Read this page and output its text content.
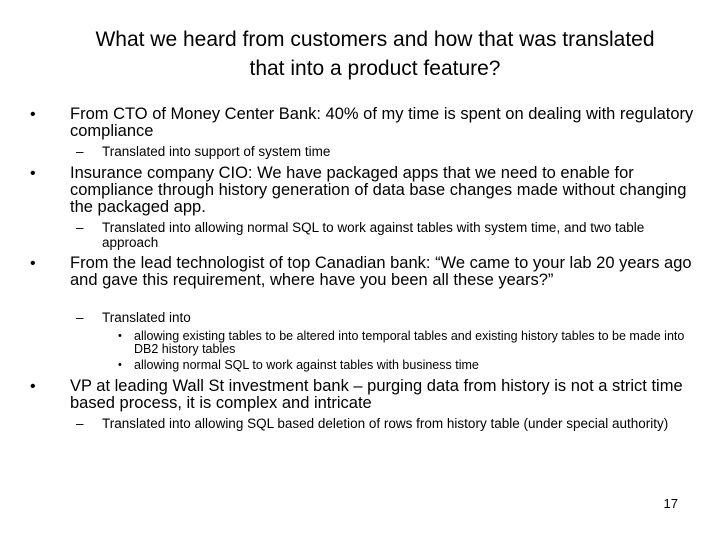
What we heard from customers and how that was translated that into a product feature?
• From CTO of Money Center Bank: 40% of my time is spent on dealing with regulatory compliance
– Translated into support of system time
• Insurance company CIO: We have packaged apps that we need to enable for compliance through history generation of data base changes made without changing the packaged app.
– Translated into allowing normal SQL to work against tables with system time, and two table approach
• From the lead technologist of top Canadian bank: “We came to your lab 20 years ago and gave this requirement, where have you been all these years?”
– Translated into
• allowing existing tables to be altered into temporal tables and existing history tables to be made into DB2 history tables
• allowing normal SQL to work against tables with business time
• VP at leading Wall St investment bank – purging data from history is not a strict time based process, it is complex and intricate
– Translated into allowing SQL based deletion of rows from history table (under special authority)
17
